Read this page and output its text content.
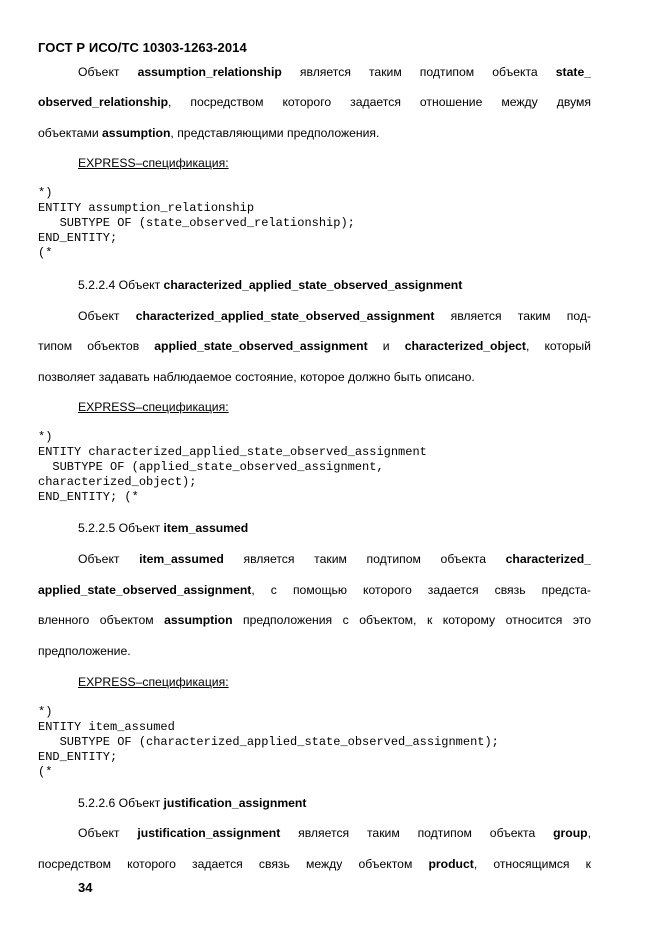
ГОСТ Р ИСО/ТС 10303-1263-2014
Объект assumption_relationship является таким подтипом объекта state_
observed_relationship, посредством которого задается отношение между двумя
объектами assumption, представляющими предположения.
EXPRESS–спецификация:
*)
ENTITY assumption_relationship
SUBTYPE OF (state_observed_relationship);
END_ENTITY;
(*
5.2.2.4 Объект characterized_applied_state_observed_assignment
Объект characterized_applied_state_observed_assignment является таким под-
типом объектов applied_state_observed_assignment и characterized_object, который
позволяет задавать наблюдаемое состояние, которое должно быть описано.
EXPRESS–спецификация:
*)
ENTITY characterized_applied_state_observed_assignment
SUBTYPE OF (applied_state_observed_assignment,
characterized_object);
END_ENTITY; (*
5.2.2.5 Объект item_assumed
Объект item_assumed является таким подтипом объекта characterized_
applied_state_observed_assignment, с помощью которого задается связь предста-
вленного объектом assumption предположения с объектом, к которому относится это
предположение.
EXPRESS–спецификация:
*)
ENTITY item_assumed
SUBTYPE OF (characterized_applied_state_observed_assignment);
END_ENTITY;
(*
5.2.2.6 Объект justification_assignment
Объект justification_assignment является таким подтипом объекта group,
посредством которого задается связь между объектом product, относящимся к
34
